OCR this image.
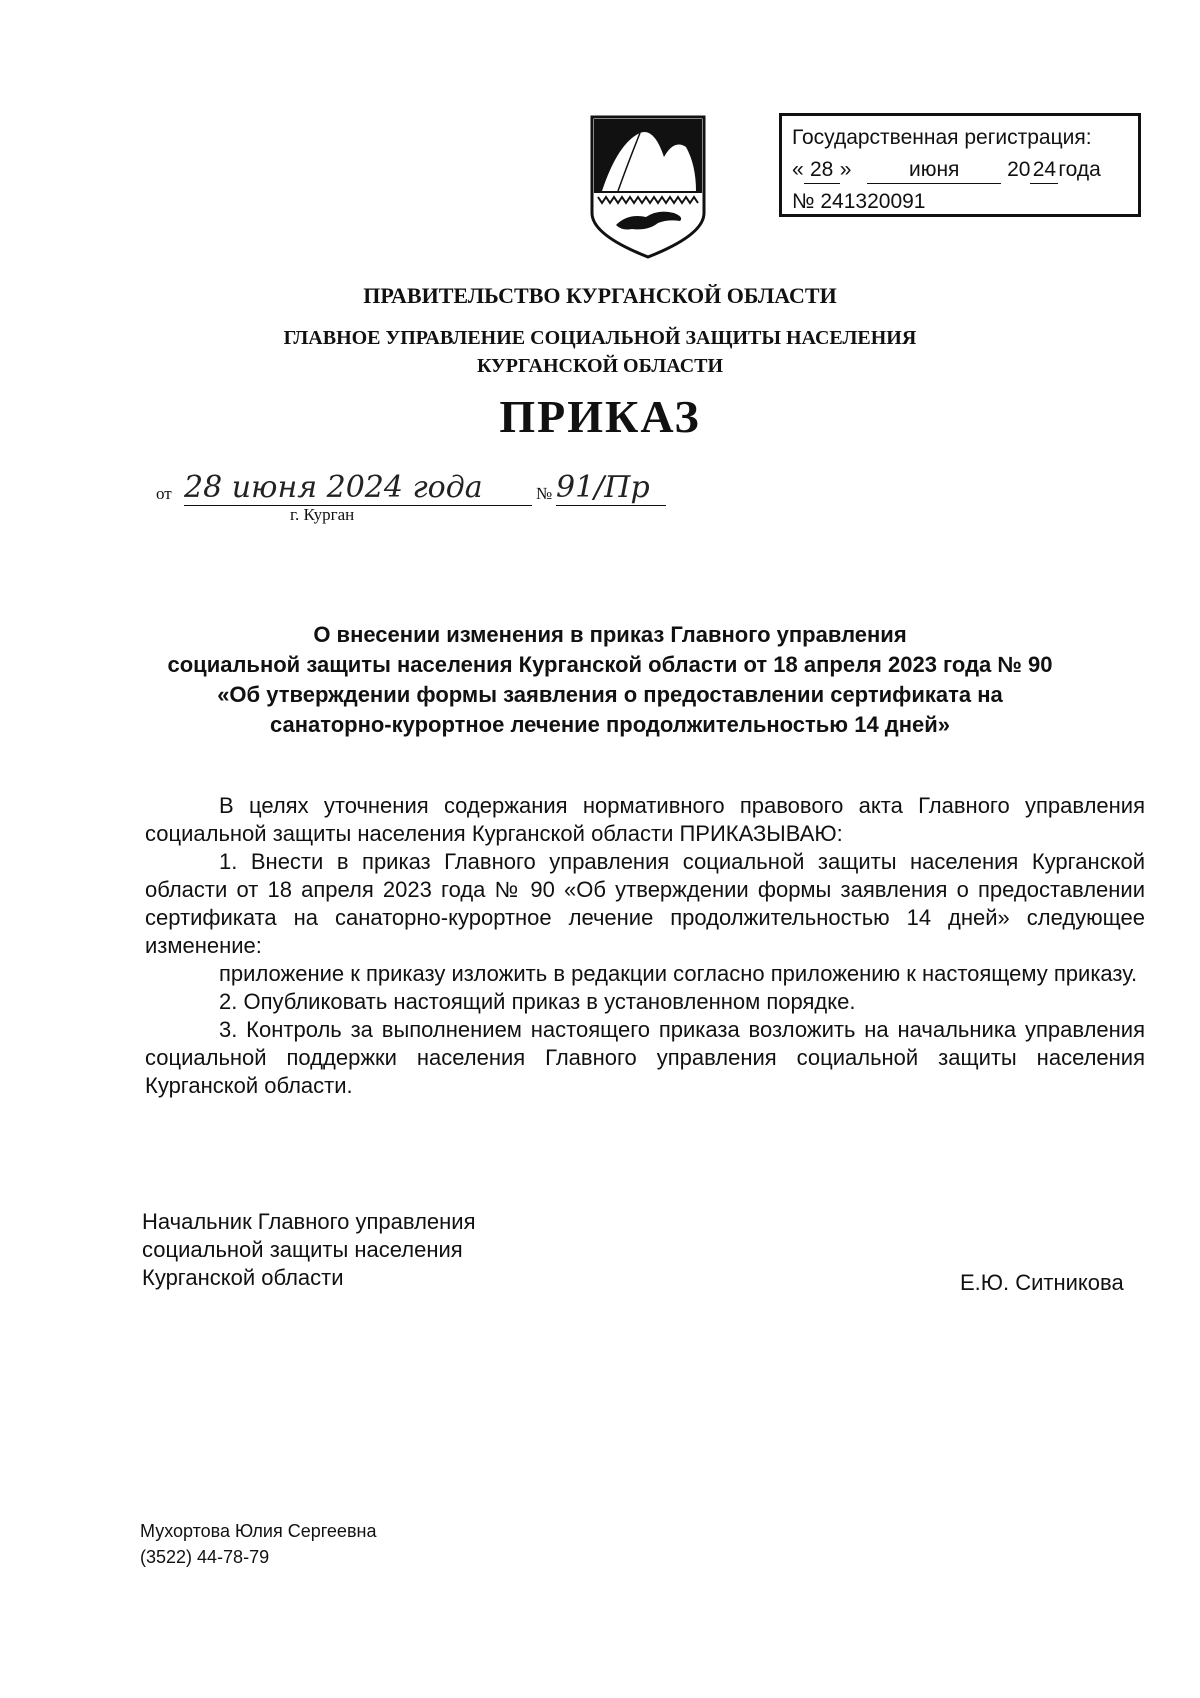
Государственная регистрация:
« 28 »	июня 20 24 года
№ 241320091
ПРАВИТЕЛЬСТВО КУРГАНСКОЙ ОБЛАСТИ
ГЛАВНОЕ УПРАВЛЕНИЕ СОЦИАЛЬНОЙ ЗАЩИТЫ НАСЕЛЕНИЯ
КУРГАНСКОЙ ОБЛАСТИ
ПРИКАЗ
от 28 июня 2024 года	№ 91/Пр
г. Курган
О внесении изменения в приказ Главного управления
социальной защиты населения Курганской области от 18 апреля 2023 года № 90
«Об утверждении формы заявления о предоставлении сертификата на
санаторно-курортное лечение продолжительностью 14 дней»

В целях уточнения содержания нормативного правового акта Главного управления социальной защиты населения Курганской области ПРИКАЗЫВАЮ:

1. Внести в приказ Главного управления социальной защиты населения Курганской области от 18 апреля 2023 года № 90 «Об утверждении формы заявления о предоставлении сертификата на санаторно-курортное лечение продолжительностью 14 дней» следующее изменение:

приложение к приказу изложить в редакции согласно приложению к настоящему приказу.

2. Опубликовать настоящий приказ в установленном порядке.

3. Контроль за выполнением настоящего приказа возложить на начальника управления социальной поддержки населения Главного управления социальной защиты населения Курганской области.

Начальник Главного управления
социальной защиты населения
Курганской области	Е.Ю. Ситникова
Мухортова Юлия Сергеевна
(3522) 44-78-79
